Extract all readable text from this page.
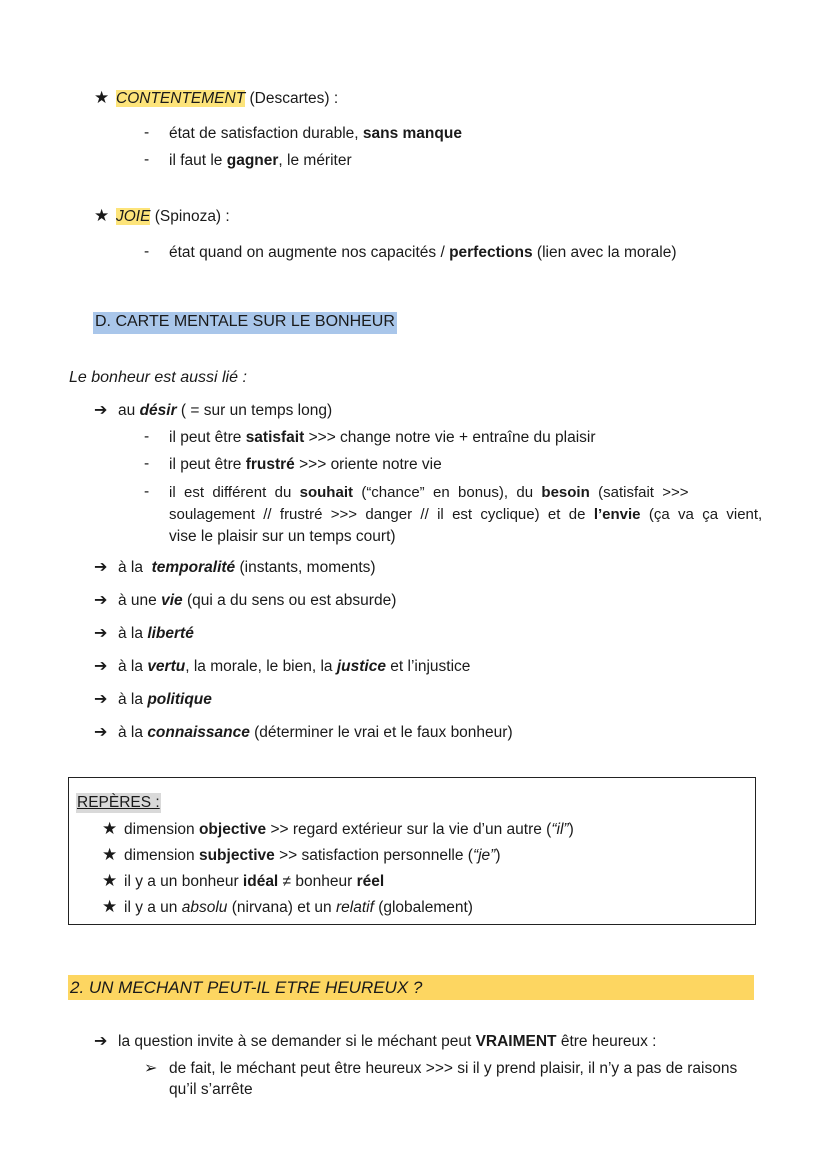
★ CONTENTEMENT (Descartes) :
- état de satisfaction durable, sans manque
- il faut le gagner, le mériter
★ JOIE (Spinoza) :
- état quand on augmente nos capacités / perfections (lien avec la morale)
D. CARTE MENTALE SUR LE BONHEUR
Le bonheur est aussi lié :
➔ au désir ( = sur un temps long)
- il peut être satisfait >>> change notre vie + entraîne du plaisir
- il peut être frustré >>> oriente notre vie
- il  est  différent  du  souhait  (“chance”  en  bonus),  du  besoin  (satisfait  >>>
soulagement  //  frustré  >>>  danger  //  il  est  cyclique)  et  de  l’envie  (ça  va  ça  vient,
vise le plaisir sur un temps court)
➔ à la  temporalité (instants, moments)
➔ à une vie (qui a du sens ou est absurde)
➔ à la liberté
➔ à la vertu, la morale, le bien, la justice et l’injustice
➔ à la politique
➔ à la connaissance (déterminer le vrai et le faux bonheur)
REPÈRES :
★ dimension objective >> regard extérieur sur la vie d’un autre (“il”)
★ dimension subjective >> satisfaction personnelle (“je”)
★ il y a un bonheur idéal ≠ bonheur réel
★ il y a un absolu (nirvana) et un relatif (globalement)
2. UN MECHANT PEUT-IL ETRE HEUREUX ?
➔ la question invite à se demander si le méchant peut VRAIMENT être heureux :
➢ de fait, le méchant peut être heureux >>> si il y prend plaisir, il n’y a pas de raisons
qu’il s’arrête
